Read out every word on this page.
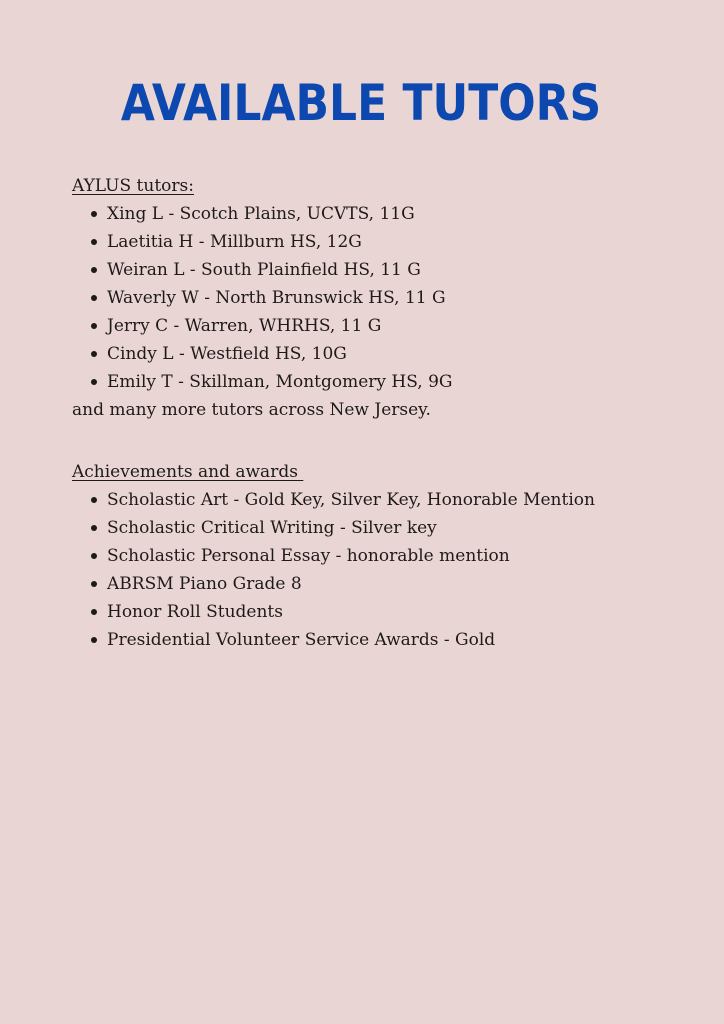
AVAILABLE TUTORS

AYLUS tutors:

Xing L - Scotch Plains, UCVTS, 11G
Laetitia H - Millburn HS, 12G
Weiran L - South Plainfield HS, 11 G
Waverly W - North Brunswick HS, 11 G
Jerry C - Warren, WHRHS, 11 G
Cindy L - Westfield HS, 10G
Emily T - Skillman, Montgomery HS, 9G

and many more tutors across New Jersey.

Achievements and awards

Scholastic Art - Gold Key, Silver Key, Honorable Mention
Scholastic Critical Writing - Silver key
Scholastic Personal Essay - honorable mention
ABRSM Piano Grade 8
Honor Roll Students
Presidential Volunteer Service Awards - Gold
